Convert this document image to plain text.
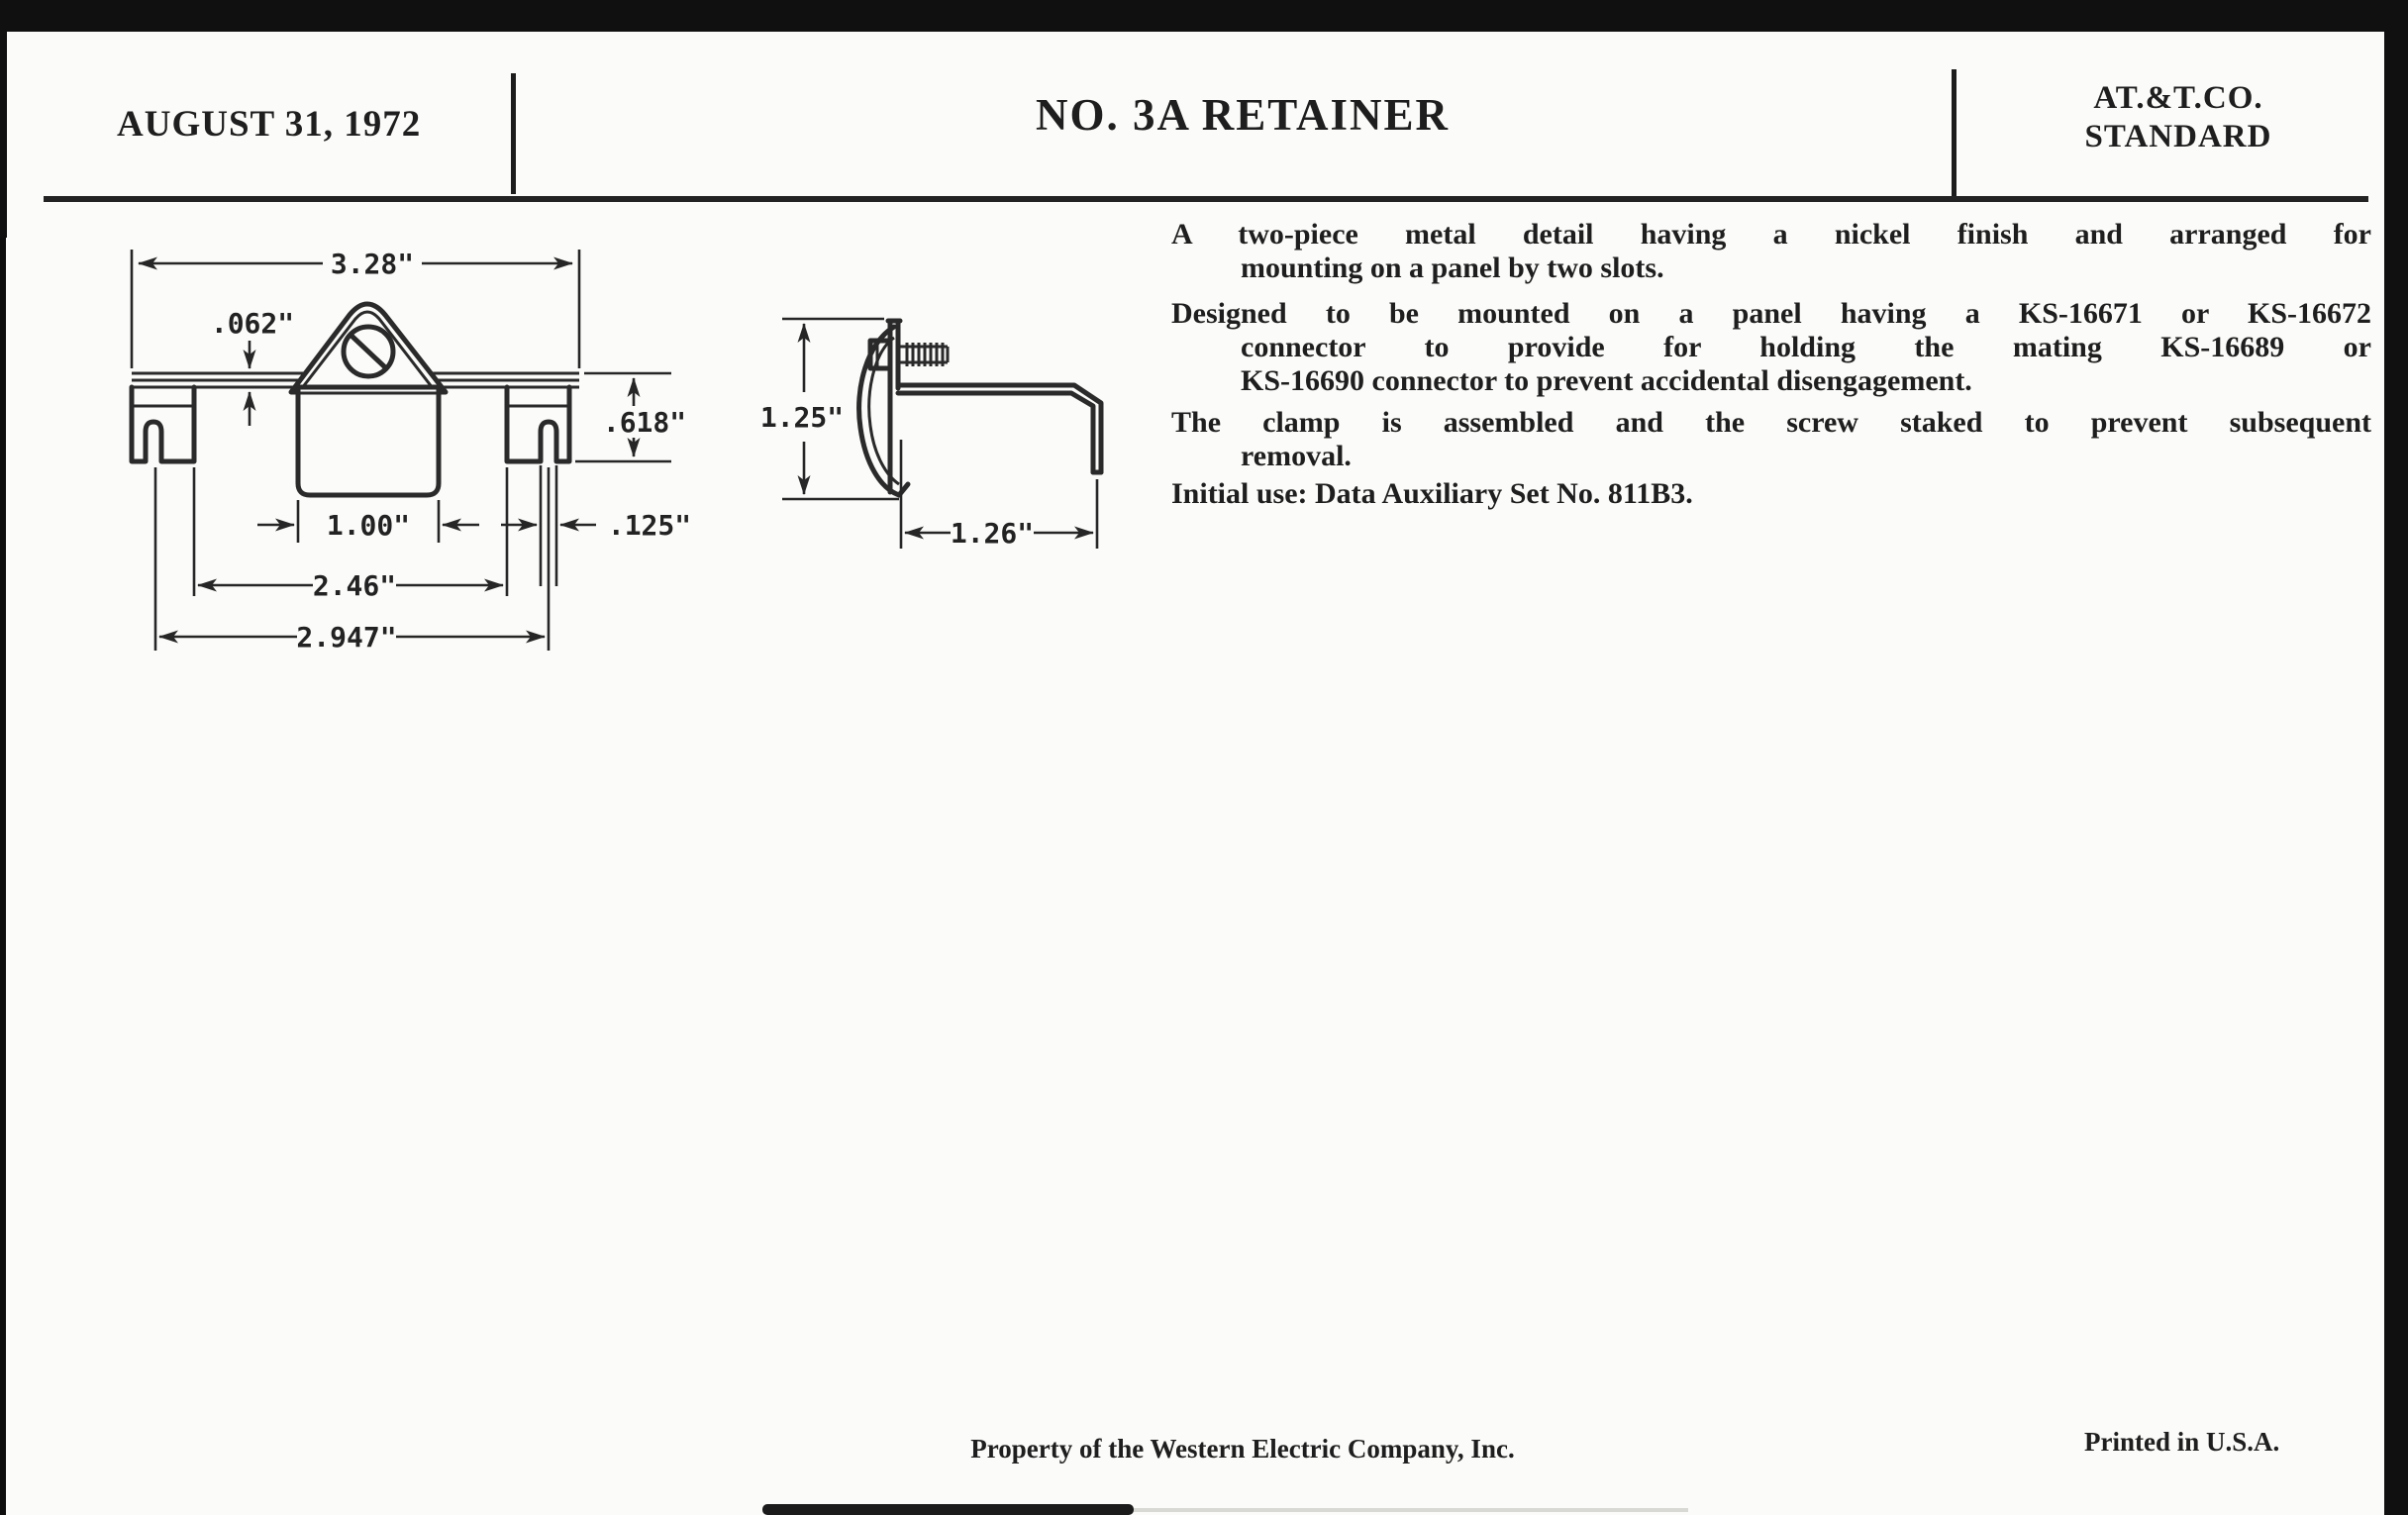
AUGUST 31, 1972	NO. 3A RETAINER	AT.&T.CO.
STANDARD
3.28"
.062"
.618"
1.00"	.125"
2.46"
2.947"
1.25"
1.26"
A two-piece metal detail having a nickel finish and arranged for
mounting on a panel by two slots.
Designed to be mounted on a panel having a KS-16671 or KS-16672
connector to provide for holding the mating KS-16689 or
KS-16690 connector to prevent accidental disengagement.
The clamp is assembled and the screw staked to prevent subsequent
removal.
Initial use: Data Auxiliary Set No. 811B3.
Property of the Western Electric Company, Inc.	Printed in U.S.A.
